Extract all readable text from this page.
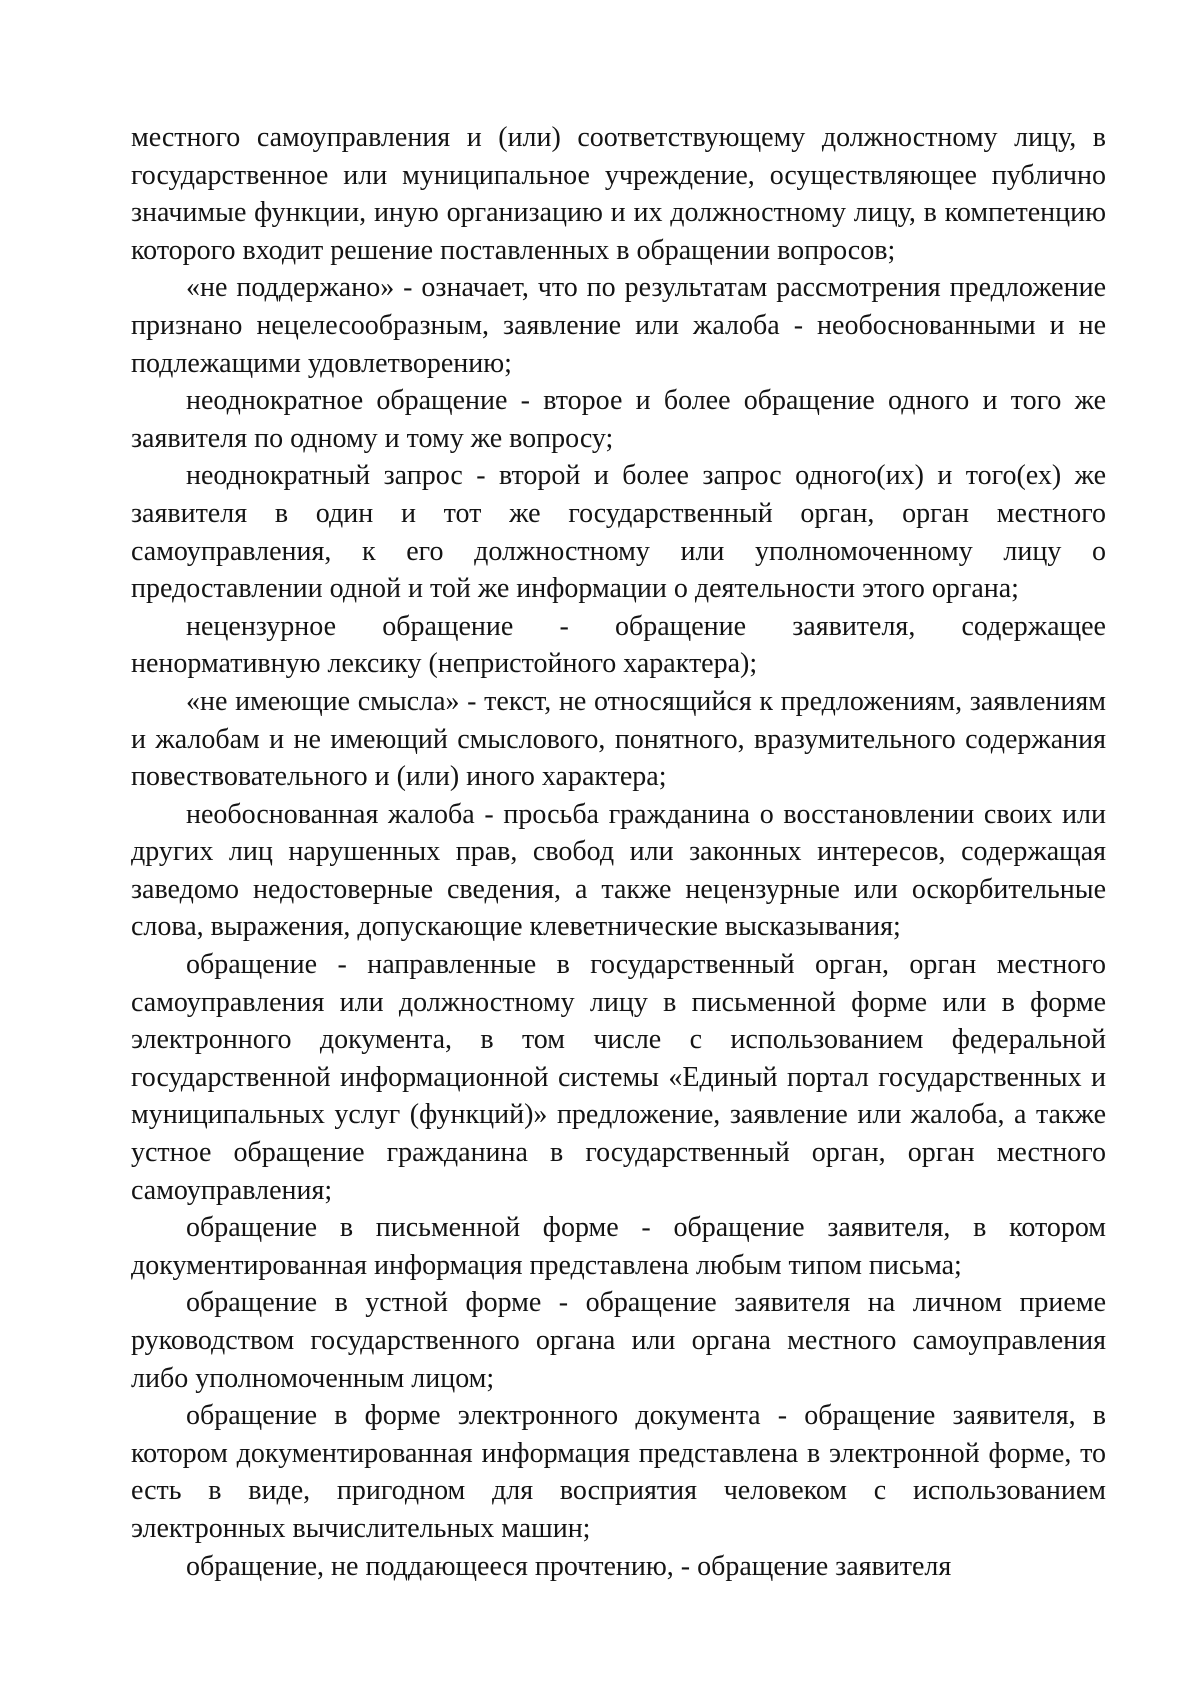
местного самоуправления и (или) соответствующему должностному лицу, в государственное или муниципальное учреждение, осуществляющее публично значимые функции, иную организацию и их должностному лицу, в компетенцию которого входит решение поставленных в обращении вопросов;

«не поддержано» - означает, что по результатам рассмотрения предложение признано нецелесообразным, заявление или жалоба - необоснованными и не подлежащими удовлетворению;

неоднократное обращение - второе и более обращение одного и того же заявителя по одному и тому же вопросу;

неоднократный запрос - второй и более запрос одного(их) и того(ех) же заявителя в один и тот же государственный орган, орган местного самоуправления, к его должностному или уполномоченному лицу о предоставлении одной и той же информации о деятельности этого органа;

нецензурное обращение - обращение заявителя, содержащее ненормативную лексику (непристойного характера);

«не имеющие смысла» - текст, не относящийся к предложениям, заявлениям и жалобам и не имеющий смыслового, понятного, вразумительного содержания повествовательного и (или) иного характера;

необоснованная жалоба - просьба гражданина о восстановлении своих или других лиц нарушенных прав, свобод или законных интересов, содержащая заведомо недостоверные сведения, а также нецензурные или оскорбительные слова, выражения, допускающие клеветнические высказывания;

обращение - направленные в государственный орган, орган местного самоуправления или должностному лицу в письменной форме или в форме электронного документа, в том числе с использованием федеральной государственной информационной системы «Единый портал государственных и муниципальных услуг (функций)» предложение, заявление или жалоба, а также устное обращение гражданина в государственный орган, орган местного самоуправления;

обращение в письменной форме - обращение заявителя, в котором документированная информация представлена любым типом письма;

обращение в устной форме - обращение заявителя на личном приеме руководством государственного органа или органа местного самоуправления либо уполномоченным лицом;

обращение в форме электронного документа - обращение заявителя, в котором документированная информация представлена в электронной форме, то есть в виде, пригодном для восприятия человеком с использованием электронных вычислительных машин;

обращение, не поддающееся прочтению, - обращение заявителя
